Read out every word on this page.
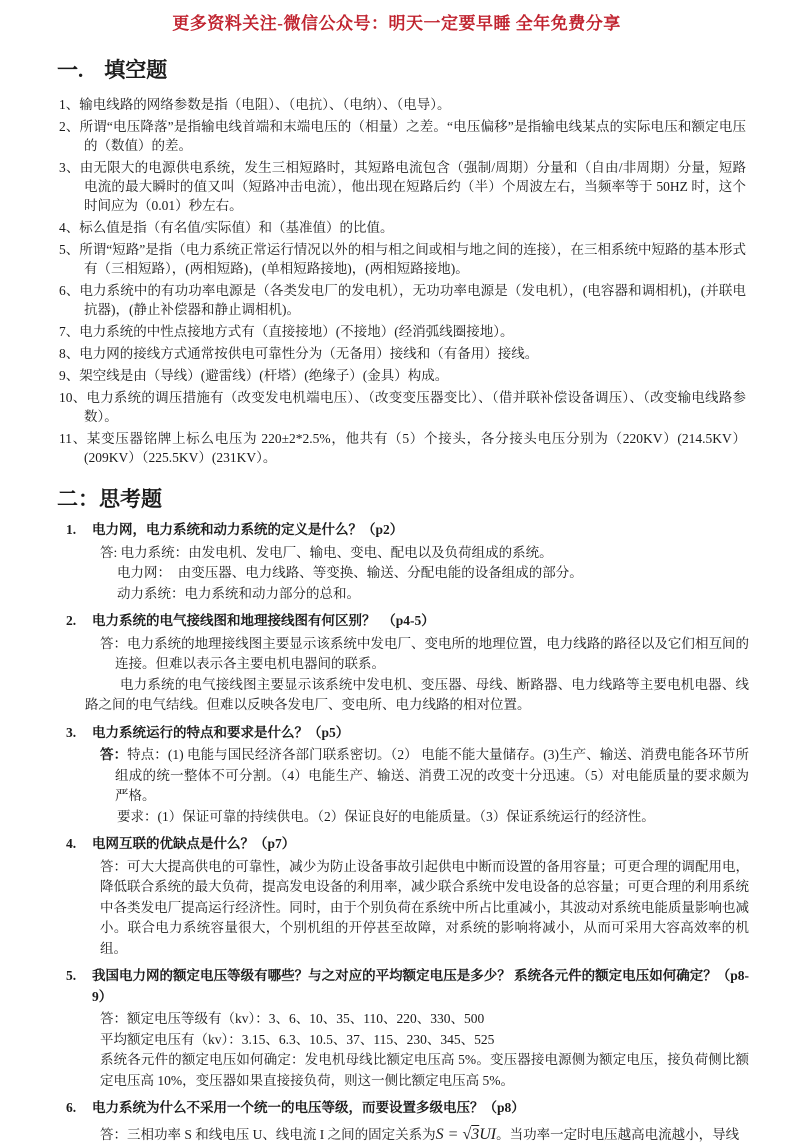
更多资料关注-微信公众号：明天一定要早睡 全年免费分享
一.　填空题
1、输电线路的网络参数是指（电阻）、（电抗）、（电纳）、（电导）。
2、所谓“电压降落”是指输电线首端和末端电压的（相量）之差。“电压偏移”是指输电线某点的实际电压和额定电压的（数值）的差。
3、由无限大的电源供电系统，发生三相短路时，其短路电流包含（强制/周期）分量和（自由/非周期）分量，短路电流的最大瞬时的值又叫（短路冲击电流），他出现在短路后约（半）个周波左右，当频率等于 50HZ 时，这个时间应为（0.01）秒左右。
4、标么值是指（有名值/实际值）和（基准值）的比值。
5、所谓“短路”是指（电力系统正常运行情况以外的相与相之间或相与地之间的连接），在三相系统中短路的基本形式有（三相短路），(两相短路)，(单相短路接地)，(两相短路接地)。
6、电力系统中的有功功率电源是（各类发电厂的发电机），无功功率电源是（发电机），(电容器和调相机)，(并联电抗器)，(静止补偿器和静止调相机)。
7、电力系统的中性点接地方式有（直接接地）(不接地）(经消弧线圈接地）。
8、电力网的接线方式通常按供电可靠性分为（无备用）接线和（有备用）接线。
9、架空线是由（导线）(避雷线）(杆塔）(绝缘子）(金具）构成。
10、电力系统的调压措施有（改变发电机端电压）、（改变变压器变比）、（借并联补偿设备调压）、（改变输电线路参数）。
11、某变压器铭牌上标么电压为 220±2*2.5%，他共有（5）个接头，各分接头电压分别为（220KV）(214.5KV）(209KV）（225.5KV）(231KV）。
二：思考题
1.	电力网，电力系统和动力系统的定义是什么？（p2）
答: 电力系统：由发电机、发电厂、输电、变电、配电以及负荷组成的系统。
电力网：　由变压器、电力线路、等变换、输送、分配电能的设备组成的部分。
动力系统：电力系统和动力部分的总和。
2.	电力系统的电气接线图和地理接线图有何区别？　（p4-5）
答：电力系统的地理接线图主要显示该系统中发电厂、变电所的地理位置，电力线路的路径以及它们相互间的连接。但难以表示各主要电机电器间的联系。
电力系统的电气接线图主要显示该系统中发电机、变压器、母线、断路器、电力线路等主要电机电器、线路之间的电气结线。但难以反映各发电厂、变电所、电力线路的相对位置。
3.	电力系统运行的特点和要求是什么？（p5）
答：特点：(1) 电能与国民经济各部门联系密切。（2） 电能不能大量储存。(3)生产、输送、消费电能各环节所组成的统一整体不可分割。（4）电能生产、输送、消费工况的改变十分迅速。（5）对电能质量的要求颇为严格。
要求：(1）保证可靠的持续供电。（2）保证良好的电能质量。（3）保证系统运行的经济性。
4.	电网互联的优缺点是什么？（p7）
答：可大大提高供电的可靠性，减少为防止设备事故引起供电中断而设置的备用容量；可更合理的调配用电，降低联合系统的最大负荷，提高发电设备的利用率，减少联合系统中发电设备的总容量；可更合理的利用系统中各类发电厂提高运行经济性。同时，由于个别负荷在系统中所占比重减小，其波动对系统电能质量影响也减小。联合电力系统容量很大，个别机组的开停甚至故障，对系统的影响将减小，从而可采用大容高效率的机组。
5.	我国电力网的额定电压等级有哪些？与之对应的平均额定电压是多少？ 系统各元件的额定电压如何确定？（p8-9）
答：额定电压等级有（kv）：3、6、10、35、110、220、330、500
平均额定电压有（kv）：3.15、6.3、10.5、37、115、230、345、525
系统各元件的额定电压如何确定：发电机母线比额定电压高 5%。变压器接电源侧为额定电压，接负荷侧比额定电压高 10%，变压器如果直接接负荷，则这一侧比额定电压高 5%。
6.	电力系统为什么不采用一个统一的电压等级，而要设置多级电压？（p8）
答：三相功率 S 和线电压 U、线电流 I 之间的固定关系为S = √3UI。当功率一定时电压越高电流越小，导线
